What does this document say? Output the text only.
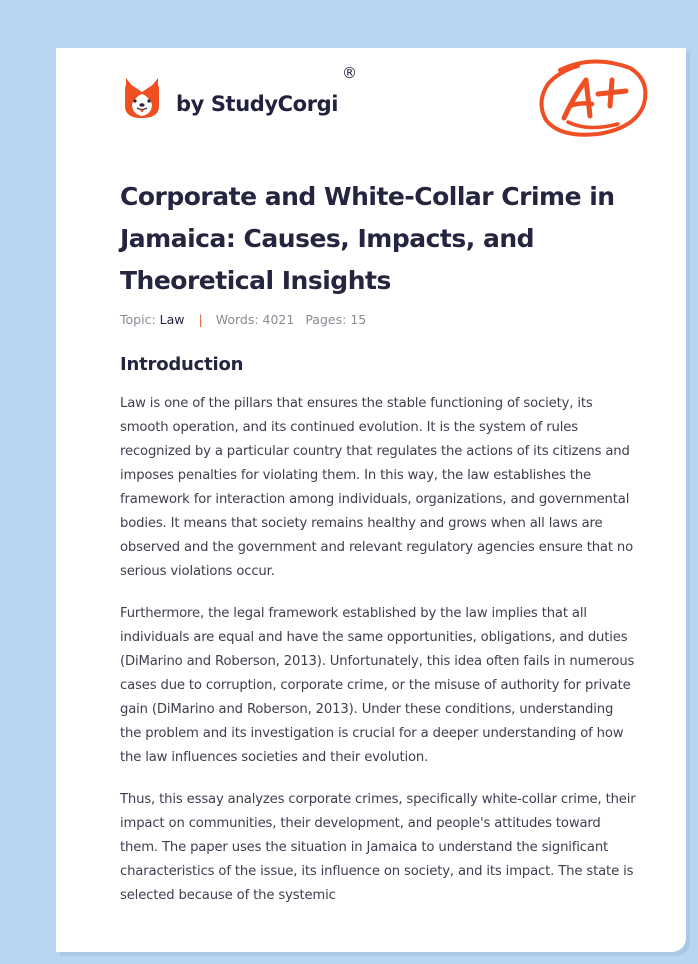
by StudyCorgi
®
Corporate and White-Collar Crime in Jamaica: Causes, Impacts, and Theoretical Insights
Topic: Law | Words: 4021 Pages: 15
Introduction

Law is one of the pillars that ensures the stable functioning of society, its smooth operation, and its continued evolution. It is the system of rules recognized by a particular country that regulates the actions of its citizens and imposes penalties for violating them. In this way, the law establishes the framework for interaction among individuals, organizations, and governmental bodies. It means that society remains healthy and grows when all laws are observed and the government and relevant regulatory agencies ensure that no serious violations occur.

Furthermore, the legal framework established by the law implies that all individuals are equal and have the same opportunities, obligations, and duties (DiMarino and Roberson, 2013). Unfortunately, this idea often fails in numerous cases due to corruption, corporate crime, or the misuse of authority for private gain (DiMarino and Roberson, 2013). Under these conditions, understanding the problem and its investigation is crucial for a deeper understanding of how the law influences societies and their evolution.

Thus, this essay analyzes corporate crimes, specifically white-collar crime, their impact on communities, their development, and people's attitudes toward them. The paper uses the situation in Jamaica to understand the significant characteristics of the issue, its influence on society, and its impact. The state is selected because of the systemic
